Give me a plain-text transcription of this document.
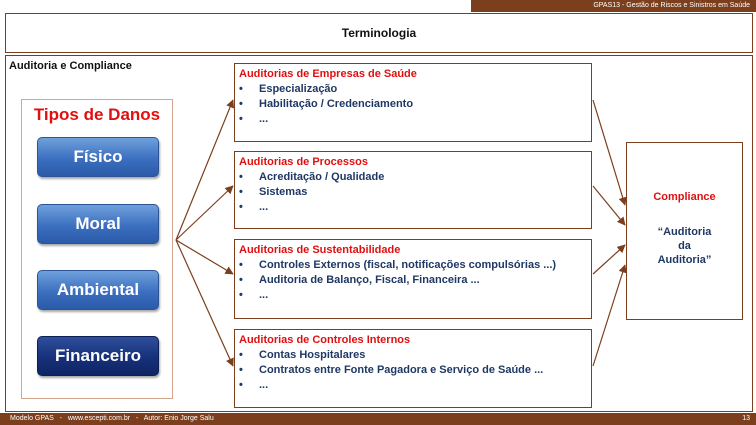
GPAS13 - Gestão de Riscos e Sinistros em Saúde
Terminologia
Auditoria e Compliance
Tipos de Danos
Físico
Moral
Ambiental
Financeiro
Auditorias de Empresas de Saúde
• Especialização
• Habilitação / Credenciamento
• ...
Auditorias de Processos
• Acreditação / Qualidade
• Sistemas
• ...
Auditorias de Sustentabilidade
• Controles Externos (fiscal, notificações compulsórias ...)
• Auditoria de Balanço, Fiscal, Financeira ...
• ...
Auditorias de Controles Internos
• Contas Hospitalares
• Contratos entre Fonte Pagadora e Serviço de Saúde ...
• ...
Compliance
“Auditoria
da
Auditoria”
Modelo GPAS   -   www.escepti.com.br   -   Autor: Enio Jorge Salu	13
